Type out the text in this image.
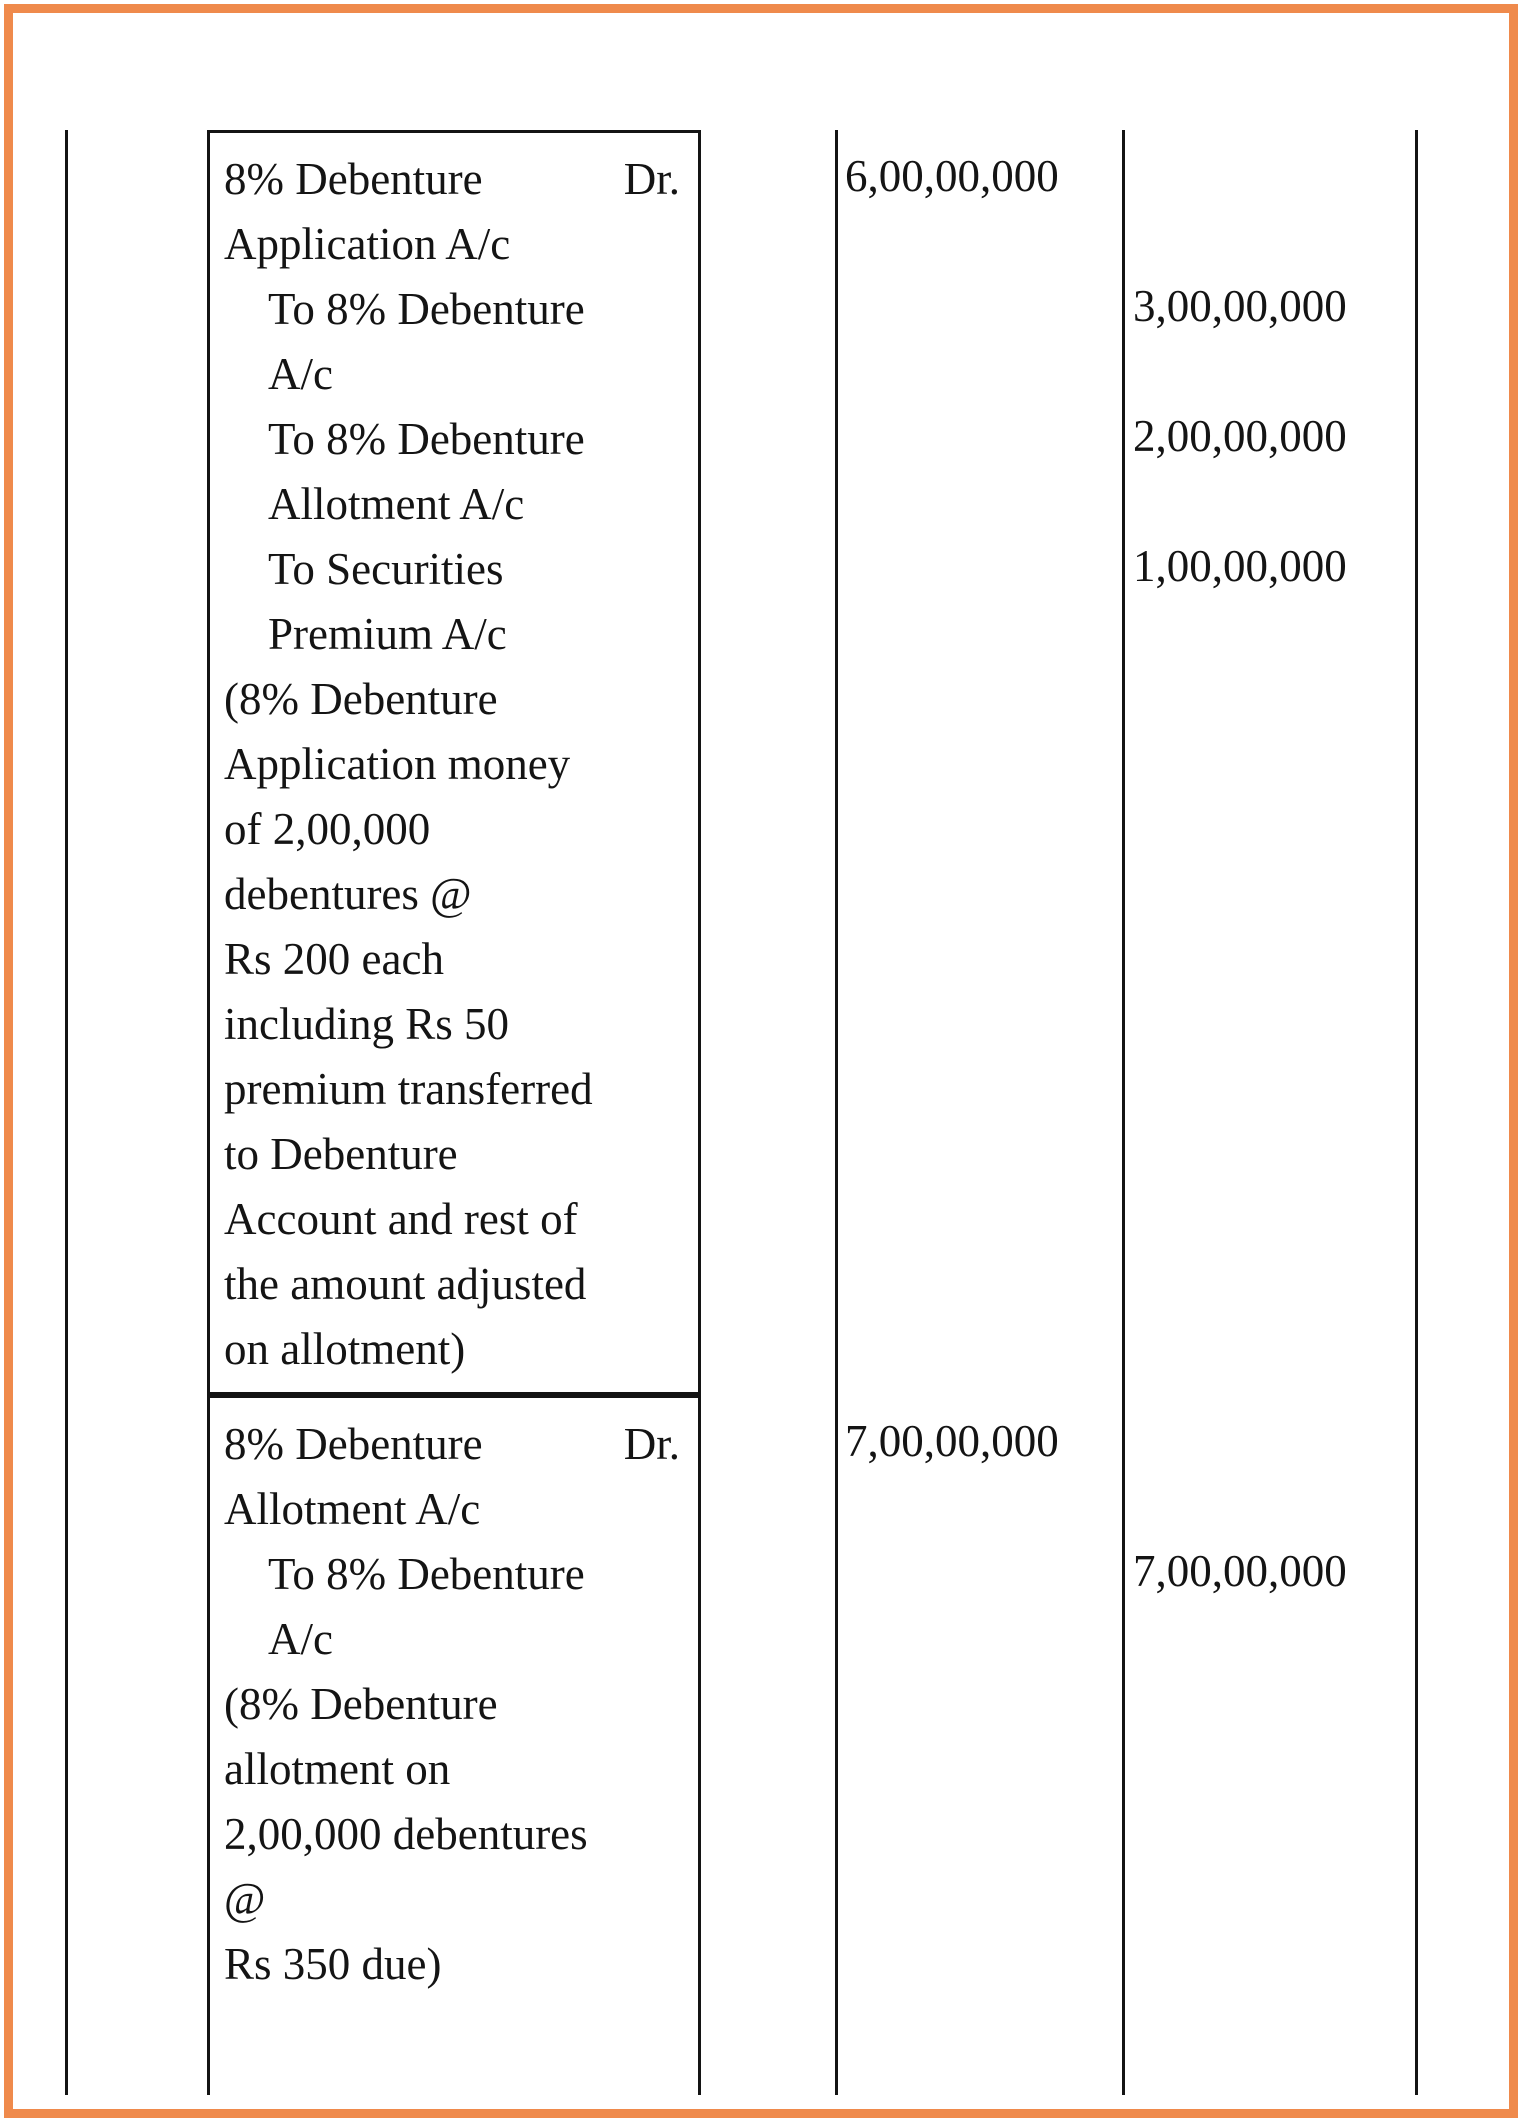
8% Debenture	Dr.
Application A/c
To 8% Debenture
A/c
To 8% Debenture
Allotment A/c
To Securities
Premium A/c
(8% Debenture
Application money
of 2,00,000
debentures @
Rs 200 each
including Rs 50
premium transferred
to Debenture
Account and rest of
the amount adjusted
on allotment)
8% Debenture	Dr.
Allotment A/c
To 8% Debenture
A/c
(8% Debenture
allotment on
2,00,000 debentures
@
Rs 350 due)
6,00,00,000
3,00,00,000
2,00,00,000
1,00,00,000
7,00,00,000
7,00,00,000
